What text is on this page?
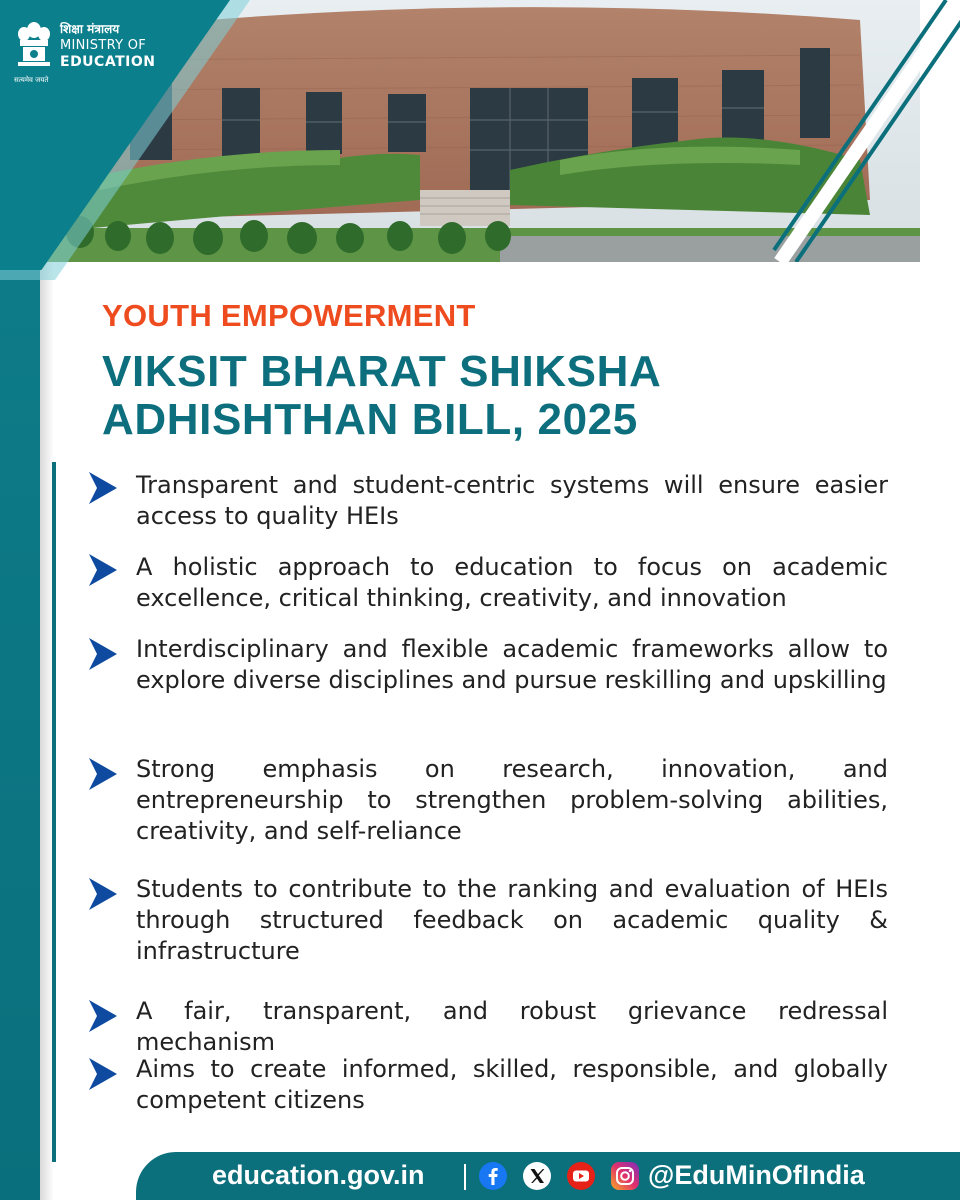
शिक्षा मंत्रालय
MINISTRY OF
EDUCATION
सत्यमेव जयते
YOUTH EMPOWERMENT
VIKSIT BHARAT SHIKSHA
ADHISHTHAN BILL, 2025
Transparent and student-centric systems will ensure easier access to quality HEIs
A holistic approach to education to focus on academic excellence, critical thinking, creativity, and innovation
Interdisciplinary and flexible academic frameworks allow to explore diverse disciplines and pursue reskilling and upskilling
Strong emphasis on research, innovation, and entrepreneurship to strengthen problem-solving abilities, creativity, and self-reliance
Students to contribute to the ranking and evaluation of HEIs through structured feedback on academic quality & infrastructure
A fair, transparent, and robust grievance redressal mechanism
Aims to create informed, skilled, responsible, and globally competent citizens
education.gov.in	@EduMinOfIndia
